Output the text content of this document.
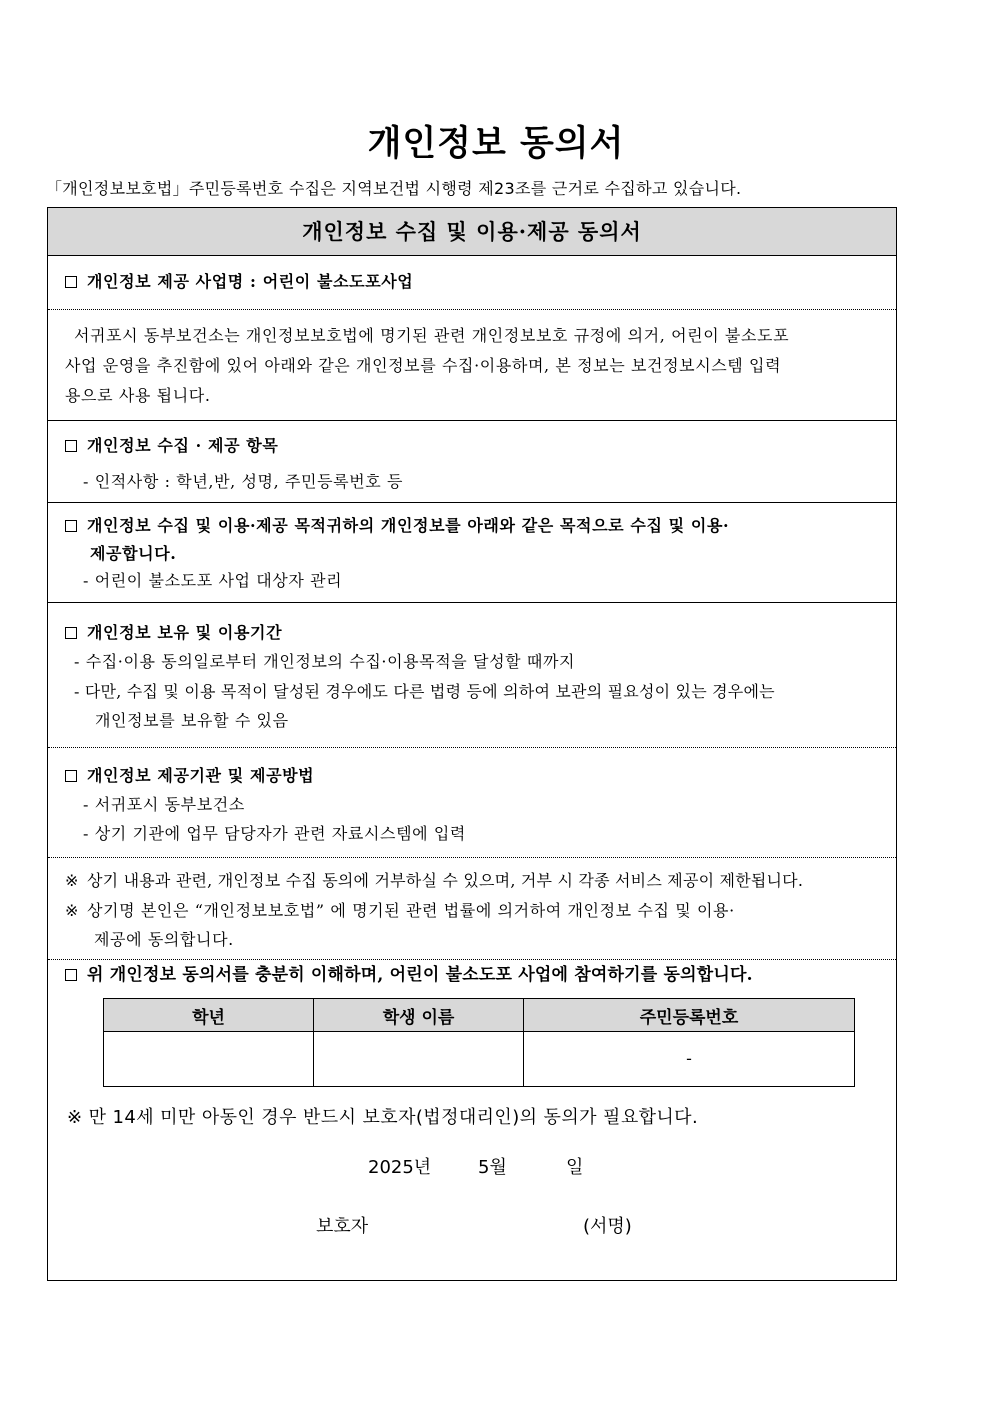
개인정보 동의서
「개인정보보호법」주민등록번호 수집은 지역보건법 시행령 제23조를 근거로 수집하고 있습니다.
개인정보 수집 및 이용·제공 동의서
개인정보 제공 사업명 : 어린이 불소도포사업
서귀포시 동부보건소는 개인정보보호법에 명기된 관련 개인정보보호 규정에 의거, 어린이 불소도포
사업 운영을 추진함에 있어 아래와 같은 개인정보를 수집·이용하며, 본 정보는 보건정보시스템 입력
용으로 사용 됩니다.
개인정보 수집 · 제공 항목
- 인적사항 : 학년,반, 성명, 주민등록번호 등
개인정보 수집 및 이용·제공 목적귀하의 개인정보를 아래와 같은 목적으로 수집 및 이용·
제공합니다.
- 어린이 불소도포 사업 대상자 관리
개인정보 보유 및 이용기간
- 수집·이용 동의일로부터 개인정보의 수집·이용목적을 달성할 때까지
- 다만, 수집 및 이용 목적이 달성된 경우에도 다른 법령 등에 의하여 보관의 필요성이 있는 경우에는
개인정보를 보유할 수 있음
개인정보 제공기관 및 제공방법
- 서귀포시 동부보건소
- 상기 기관에 업무 담당자가 관련 자료시스템에 입력
※ 상기 내용과 관련, 개인정보 수집 동의에 거부하실 수 있으며, 거부 시 각종 서비스 제공이 제한됩니다.
※ 상기명 본인은 “개인정보보호법” 에 명기된 관련 법률에 의거하여 개인정보 수집 및 이용·
제공에 동의합니다.
위 개인정보 동의서를 충분히 이해하며, 어린이 불소도포 사업에 참여하기를 동의합니다.
학년	학생 이름	주민등록번호
		-
※ 만 14세 미만 아동인 경우 반드시 보호자(법정대리인)의 동의가 필요합니다.
2025년	5월	일
보호자	(서명)
